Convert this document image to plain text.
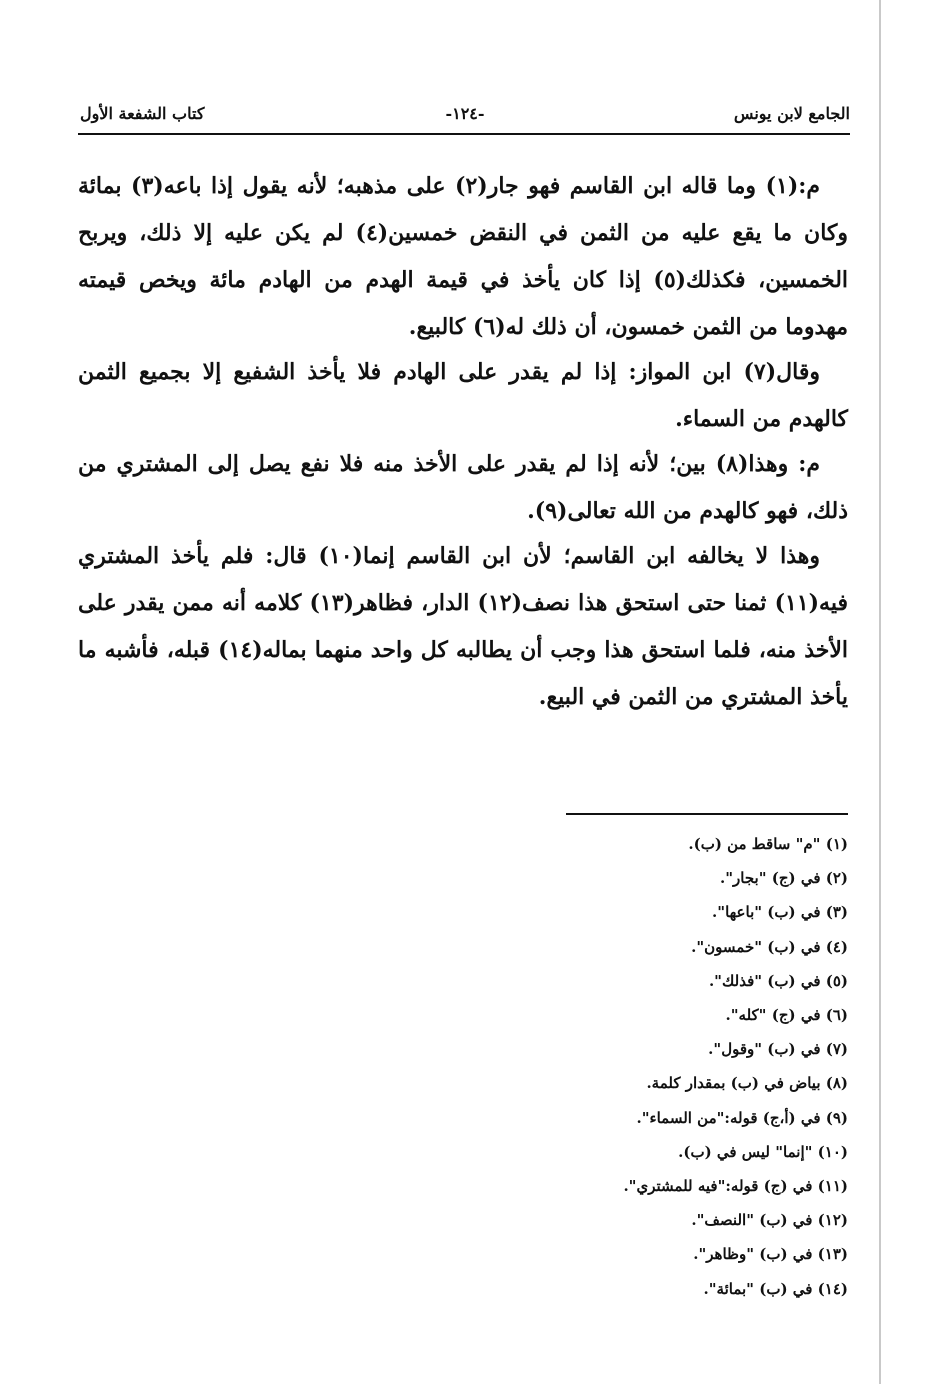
الجامع لابن يونس
-١٢٤-
كتاب الشفعة الأول

م:(١) وما قاله ابن القاسم فهو جار(٢) على مذهبه؛ لأنه يقول إذا باعه(٣) بمائة وكان ما يقع عليه من الثمن في النقض خمسين(٤) لم يكن عليه إلا ذلك، ويربح الخمسين، فكذلك(٥) إذا كان يأخذ في قيمة الهدم من الهادم مائة ويخص قيمته مهدوما من الثمن خمسون، أن ذلك له(٦) كالبيع.

وقال(٧) ابن المواز: إذا لم يقدر على الهادم فلا يأخذ الشفيع إلا بجميع الثمن كالهدم من السماء.

م: وهذا(٨) بين؛ لأنه إذا لم يقدر على الأخذ منه فلا نفع يصل إلى المشتري من ذلك، فهو كالهدم من الله تعالى(٩).

وهذا لا يخالفه ابن القاسم؛ لأن ابن القاسم إنما(١٠) قال: فلم يأخذ المشتري فيه(١١) ثمنا حتى استحق هذا نصف(١٢) الدار، فظاهر(١٣) كلامه أنه ممن يقدر على الأخذ منه، فلما استحق هذا وجب أن يطالبه كل واحد منهما بماله(١٤) قبله، فأشبه ما يأخذ المشتري من الثمن في البيع.

(١) "م" ساقط من (ب).
(٢) في (ج) "بجار".
(٣) في (ب) "باعها".
(٤) في (ب) "خمسون".
(٥) في (ب) "فذلك".
(٦) في (ج) "كله".
(٧) في (ب) "وقول".
(٨) بياض في (ب) بمقدار كلمة.
(٩) في (أ،ج) قوله:"من السماء".
(١٠) "إنما" ليس في (ب).
(١١) في (ج) قوله:"فيه للمشتري".
(١٢) في (ب) "النصف".
(١٣) في (ب) "وظاهر".
(١٤) في (ب) "بمائة".
